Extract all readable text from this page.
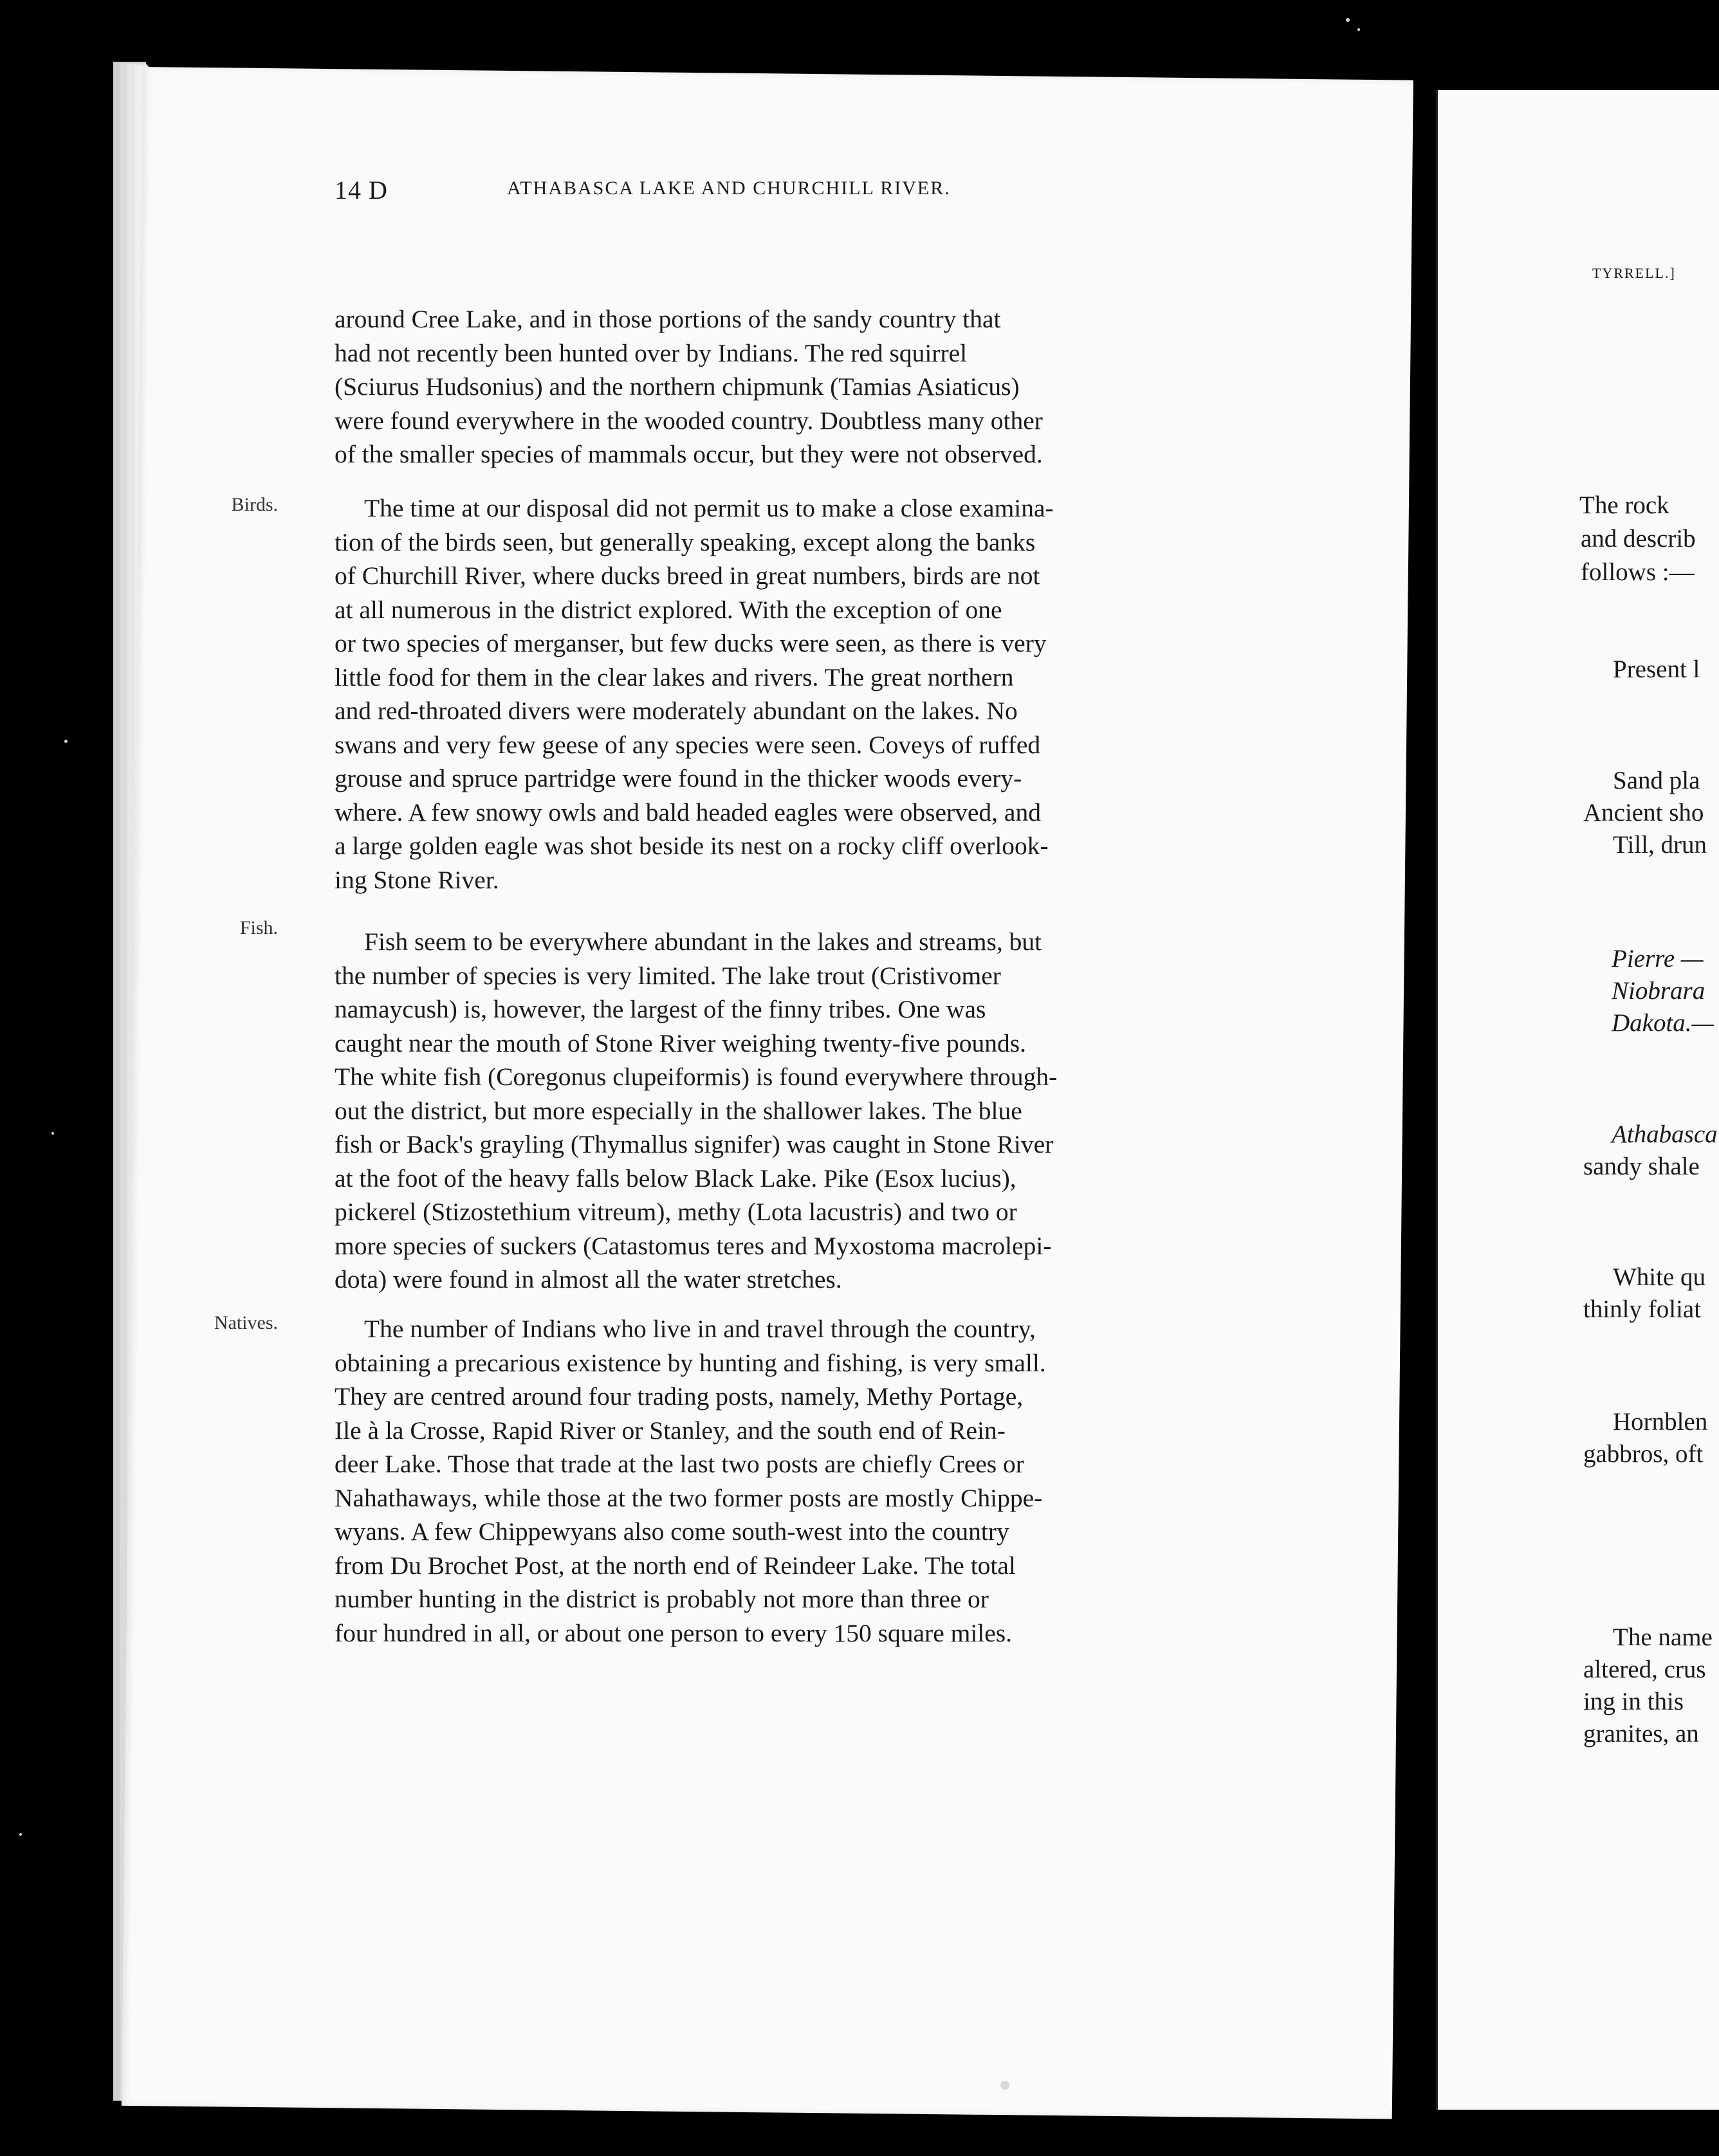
14 D	ATHABASCA LAKE AND CHURCHILL RIVER.

around Cree Lake, and in those portions of the sandy country that

had not recently been hunted over by Indians. The red squirrel

(Sciurus Hudsonius) and the northern chipmunk (Tamias Asiaticus)

were found everywhere in the wooded country. Doubtless many other

of the smaller species of mammals occur, but they were not observed.

Birds.	The time at our disposal did not permit us to make a close examina-

tion of the birds seen, but generally speaking, except along the banks

of Churchill River, where ducks breed in great numbers, birds are not

at all numerous in the district explored. With the exception of one

or two species of merganser, but few ducks were seen, as there is very

little food for them in the clear lakes and rivers. The great northern

and red-throated divers were moderately abundant on the lakes. No

swans and very few geese of any species were seen. Coveys of ruffed

grouse and spruce partridge were found in the thicker woods every-

where. A few snowy owls and bald headed eagles were observed, and

a large golden eagle was shot beside its nest on a rocky cliff overlook-

ing Stone River.

Fish.	Fish seem to be everywhere abundant in the lakes and streams, but

the number of species is very limited. The lake trout (Cristivomer

namaycush) is, however, the largest of the finny tribes. One was

caught near the mouth of Stone River weighing twenty-five pounds.

The white fish (Coregonus clupeiformis) is found everywhere through-

out the district, but more especially in the shallower lakes. The blue

fish or Back's grayling (Thymallus signifer) was caught in Stone River

at the foot of the heavy falls below Black Lake. Pike (Esox lucius),

pickerel (Stizostethium vitreum), methy (Lota lacustris) and two or

more species of suckers (Catastomus teres and Myxostoma macrolepi-

dota) were found in almost all the water stretches.

Natives.	The number of Indians who live in and travel through the country,

obtaining a precarious existence by hunting and fishing, is very small.

They are centred around four trading posts, namely, Methy Portage,

Ile à la Crosse, Rapid River or Stanley, and the south end of Rein-

deer Lake. Those that trade at the last two posts are chiefly Crees or

Nahathaways, while those at the two former posts are mostly Chippe-

wyans. A few Chippewyans also come south-west into the country

from Du Brochet Post, at the north end of Reindeer Lake. The total

number hunting in the district is probably not more than three or

four hundred in all, or about one person to every 150 square miles.

TYRRELL.]
The rock
and describ
follows :—
Present l
Sand pla
Ancient sho
Till, drun
Pierre —
Niobrara
Dakota.—
Athabasca
sandy shale
White qu
thinly foliat
Hornblen
gabbros, oft
The name
altered, crus
ing in this
granites, an
